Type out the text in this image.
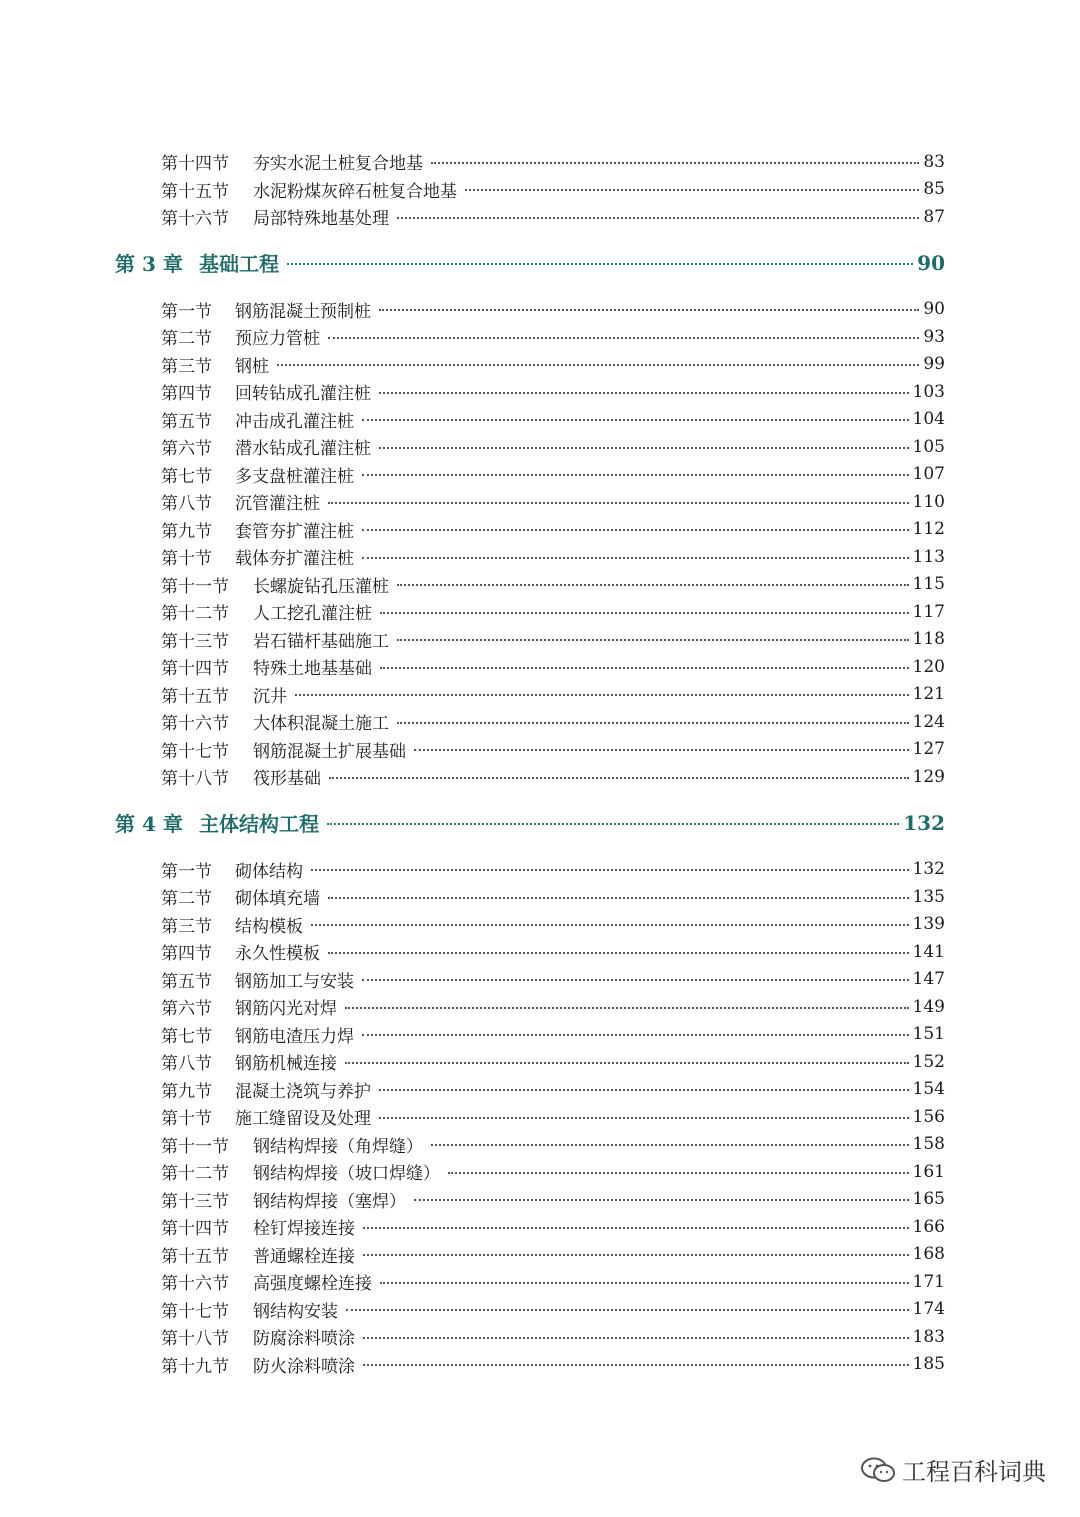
第十四节	夯实水泥土桩复合地基	83
第十五节	水泥粉煤灰碎石桩复合地基	85
第十六节	局部特殊地基处理	87
第 3 章 基础工程	90
第一节	钢筋混凝土预制桩	90
第二节	预应力管桩	93
第三节	钢桩	99
第四节	回转钻成孔灌注桩	103
第五节	冲击成孔灌注桩	104
第六节	潜水钻成孔灌注桩	105
第七节	多支盘桩灌注桩	107
第八节	沉管灌注桩	110
第九节	套管夯扩灌注桩	112
第十节	载体夯扩灌注桩	113
第十一节	长螺旋钻孔压灌桩	115
第十二节	人工挖孔灌注桩	117
第十三节	岩石锚杆基础施工	118
第十四节	特殊土地基基础	120
第十五节	沉井	121
第十六节	大体积混凝土施工	124
第十七节	钢筋混凝土扩展基础	127
第十八节	筏形基础	129
第 4 章 主体结构工程	132
第一节	砌体结构	132
第二节	砌体填充墙	135
第三节	结构模板	139
第四节	永久性模板	141
第五节	钢筋加工与安装	147
第六节	钢筋闪光对焊	149
第七节	钢筋电渣压力焊	151
第八节	钢筋机械连接	152
第九节	混凝土浇筑与养护	154
第十节	施工缝留设及处理	156
第十一节	钢结构焊接（角焊缝）	158
第十二节	钢结构焊接（坡口焊缝）	161
第十三节	钢结构焊接（塞焊）	165
第十四节	栓钉焊接连接	166
第十五节	普通螺栓连接	168
第十六节	高强度螺栓连接	171
第十七节	钢结构安装	174
第十八节	防腐涂料喷涂	183
第十九节	防火涂料喷涂	185
工程百科词典
